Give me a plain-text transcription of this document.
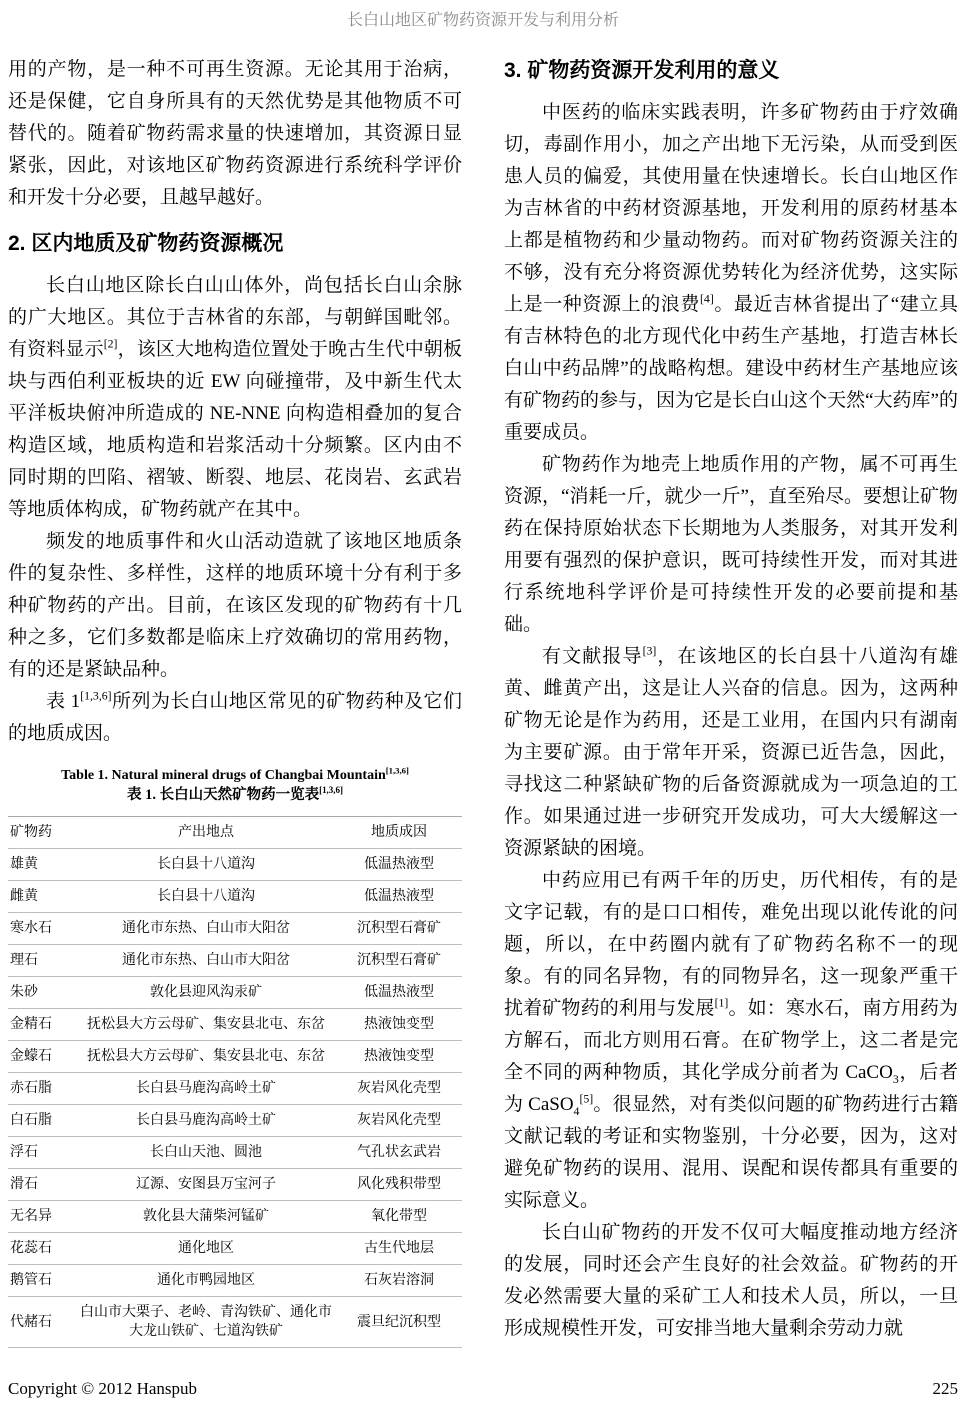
长白山地区矿物药资源开发与利用分析

用的产物，是一种不可再生资源。无论其用于治病，还是保健，它自身所具有的天然优势是其他物质不可替代的。随着矿物药需求量的快速增加，其资源日显紧张，因此，对该地区矿物药资源进行系统科学评价和开发十分必要，且越早越好。

2. 区内地质及矿物药资源概况

长白山地区除长白山山体外，尚包括长白山余脉的广大地区。其位于吉林省的东部，与朝鲜国毗邻。有资料显示[2]，该区大地构造位置处于晚古生代中朝板块与西伯利亚板块的近 EW 向碰撞带，及中新生代太平洋板块俯冲所造成的 NE-NNE 向构造相叠加的复合构造区域，地质构造和岩浆活动十分频繁。区内由不同时期的凹陷、褶皱、断裂、地层、花岗岩、玄武岩等地质体构成，矿物药就产在其中。

频发的地质事件和火山活动造就了该地区地质条件的复杂性、多样性，这样的地质环境十分有利于多种矿物药的产出。目前，在该区发现的矿物药有十几种之多，它们多数都是临床上疗效确切的常用药物，有的还是紧缺品种。

表 1[1,3,6]所列为长白山地区常见的矿物药种及它们的地质成因。

Table 1. Natural mineral drugs of Changbai Mountain[1,3,6]
表 1. 长白山天然矿物药一览表[1,3,6]
矿物药	产出地点	地质成因
雄黄	长白县十八道沟	低温热液型
雌黄	长白县十八道沟	低温热液型
寒水石	通化市东热、白山市大阳岔	沉积型石膏矿
理石	通化市东热、白山市大阳岔	沉积型石膏矿
朱砂	敦化县迎风沟汞矿	低温热液型
金精石	抚松县大方云母矿、集安县北屯、东岔	热液蚀变型
金蠓石	抚松县大方云母矿、集安县北屯、东岔	热液蚀变型
赤石脂	长白县马鹿沟高岭土矿	灰岩风化壳型
白石脂	长白县马鹿沟高岭土矿	灰岩风化壳型
浮石	长白山天池、圆池	气孔状玄武岩
滑石	辽源、安图县万宝河子	风化残积带型
无名异	敦化县大蒲柴河锰矿	氧化带型
花蕊石	通化地区	古生代地层
鹅管石	通化市鸭园地区	石灰岩溶洞
代赭石	白山市大栗子、老岭、青沟铁矿、通化市大龙山铁矿、七道沟铁矿	震旦纪沉积型
3. 矿物药资源开发利用的意义

中医药的临床实践表明，许多矿物药由于疗效确切，毒副作用小，加之产出地下无污染，从而受到医患人员的偏爱，其使用量在快速增长。长白山地区作为吉林省的中药材资源基地，开发利用的原药材基本上都是植物药和少量动物药。而对矿物药资源关注的不够，没有充分将资源优势转化为经济优势，这实际上是一种资源上的浪费[4]。最近吉林省提出了“建立具有吉林特色的北方现代化中药生产基地，打造吉林长白山中药品牌”的战略构想。建设中药材生产基地应该有矿物药的参与，因为它是长白山这个天然“大药库”的重要成员。

矿物药作为地壳上地质作用的产物，属不可再生资源，“消耗一斤，就少一斤”，直至殆尽。要想让矿物药在保持原始状态下长期地为人类服务，对其开发利用要有强烈的保护意识，既可持续性开发，而对其进行系统地科学评价是可持续性开发的必要前提和基础。

有文献报导[3]，在该地区的长白县十八道沟有雄黄、雌黄产出，这是让人兴奋的信息。因为，这两种矿物无论是作为药用，还是工业用，在国内只有湖南为主要矿源。由于常年开采，资源已近告急，因此，寻找这二种紧缺矿物的后备资源就成为一项急迫的工作。如果通过进一步研究开发成功，可大大缓解这一资源紧缺的困境。

中药应用已有两千年的历史，历代相传，有的是文字记载，有的是口口相传，难免出现以讹传讹的问题，所以，在中药圈内就有了矿物药名称不一的现象。有的同名异物，有的同物异名，这一现象严重干扰着矿物药的利用与发展[1]。如：寒水石，南方用药为方解石，而北方则用石膏。在矿物学上，这二者是完全不同的两种物质，其化学成分前者为 CaCO$_3$，后者为 CaSO$_4$[5]。很显然，对有类似问题的矿物药进行古籍文献记载的考证和实物鉴别，十分必要，因为，这对避免矿物药的误用、混用、误配和误传都具有重要的实际意义。

长白山矿物药的开发不仅可大幅度推动地方经济的发展，同时还会产生良好的社会效益。矿物药的开发必然需要大量的采矿工人和技术人员，所以，一旦形成规模性开发，可安排当地大量剩余劳动力就

Copyright © 2012 Hanspub	225
